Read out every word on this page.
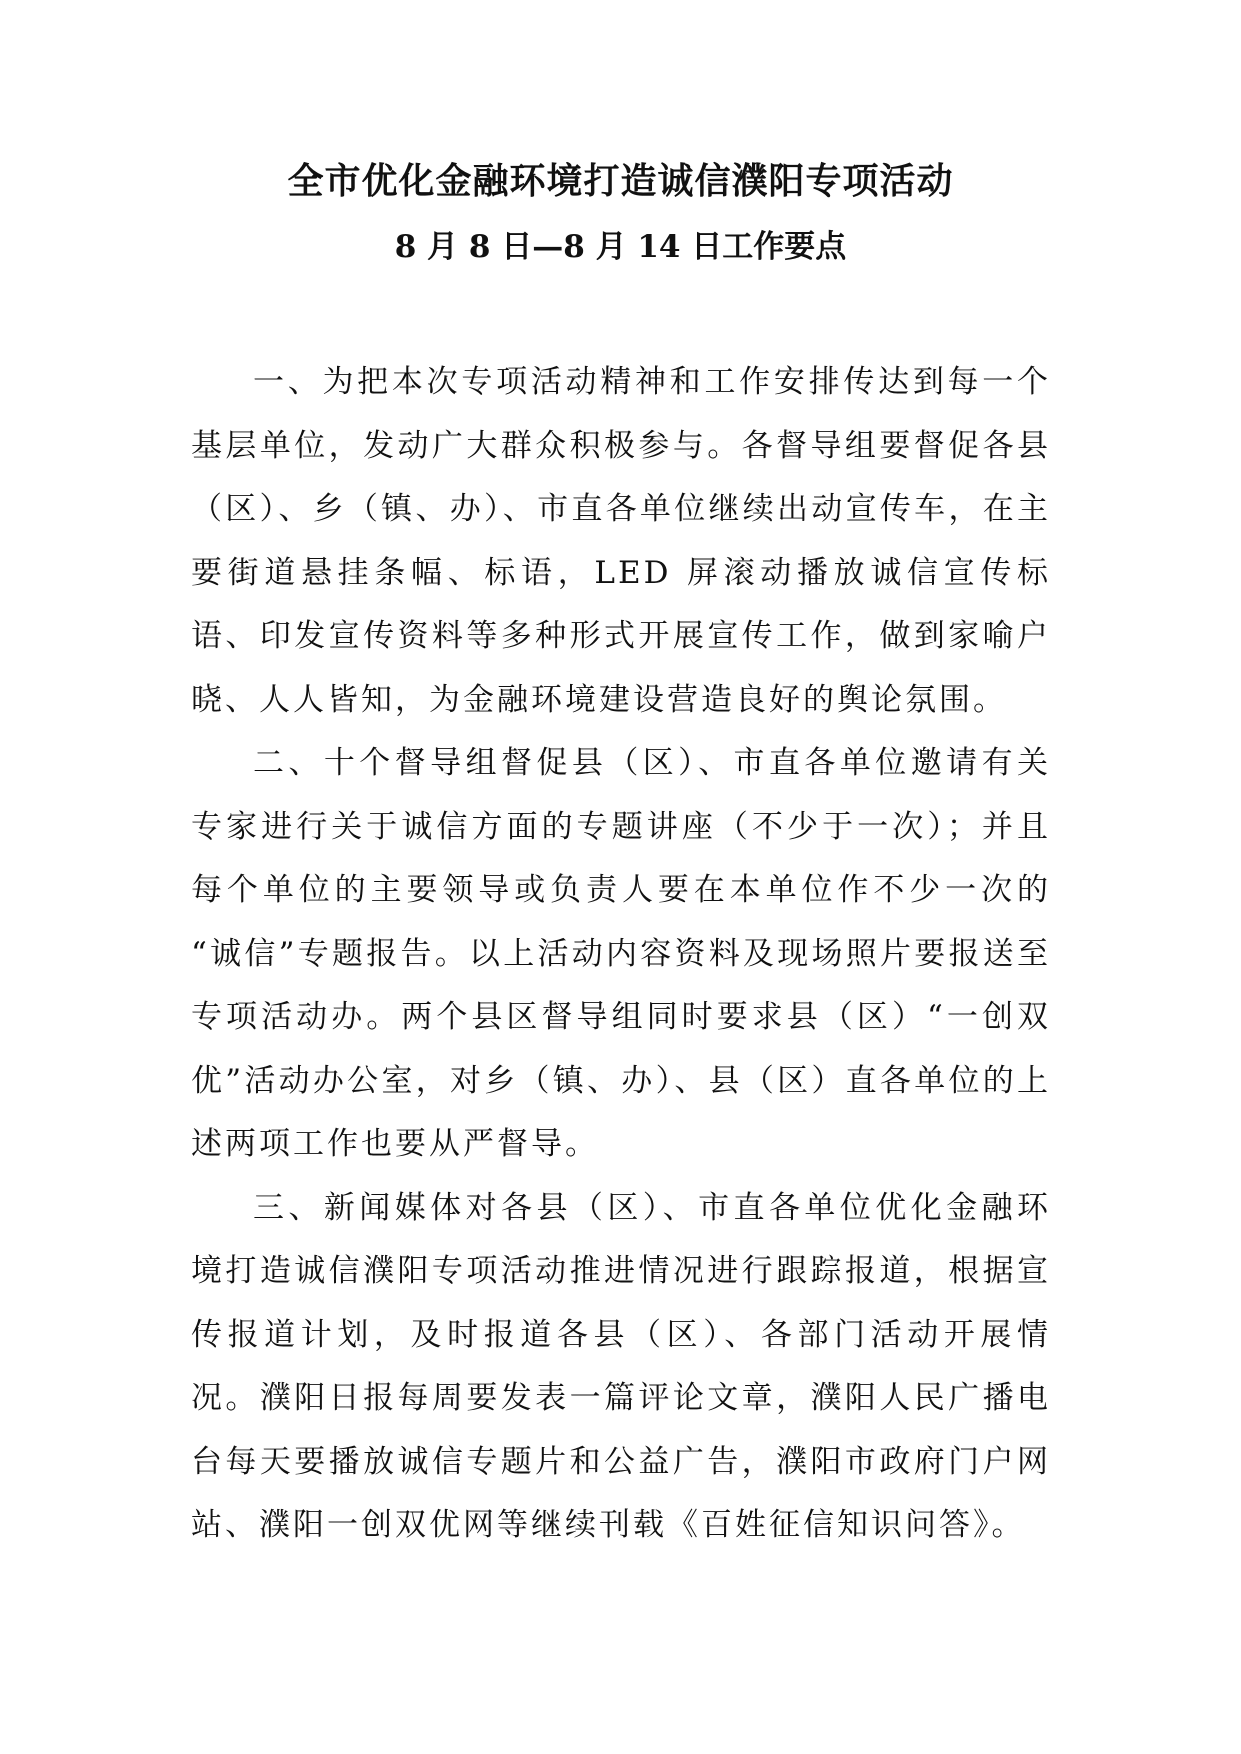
全市优化金融环境打造诚信濮阳专项活动
8 月 8 日—8 月 14 日工作要点

一、为把本次专项活动精神和工作安排传达到每一个基层单位，发动广大群众积极参与。各督导组要督促各县（区）、乡（镇、办）、市直各单位继续出动宣传车，在主要街道悬挂条幅、标语，LED 屏滚动播放诚信宣传标语、印发宣传资料等多种形式开展宣传工作，做到家喻户晓、人人皆知，为金融环境建设营造良好的舆论氛围。

二、十个督导组督促县（区）、市直各单位邀请有关专家进行关于诚信方面的专题讲座（不少于一次）；并且每个单位的主要领导或负责人要在本单位作不少一次的 “诚信”专题报告。以上活动内容资料及现场照片要报送至专项活动办。两个县区督导组同时要求县（区）“一创双优”活动办公室，对乡（镇、办）、县（区）直各单位的上述两项工作也要从严督导。

三、新闻媒体对各县（区）、市直各单位优化金融环境打造诚信濮阳专项活动推进情况进行跟踪报道，根据宣传报道计划，及时报道各县（区）、各部门活动开展情况。濮阳日报每周要发表一篇评论文章，濮阳人民广播电台每天要播放诚信专题片和公益广告，濮阳市政府门户网站、濮阳一创双优网等继续刊载《百姓征信知识问答》。
